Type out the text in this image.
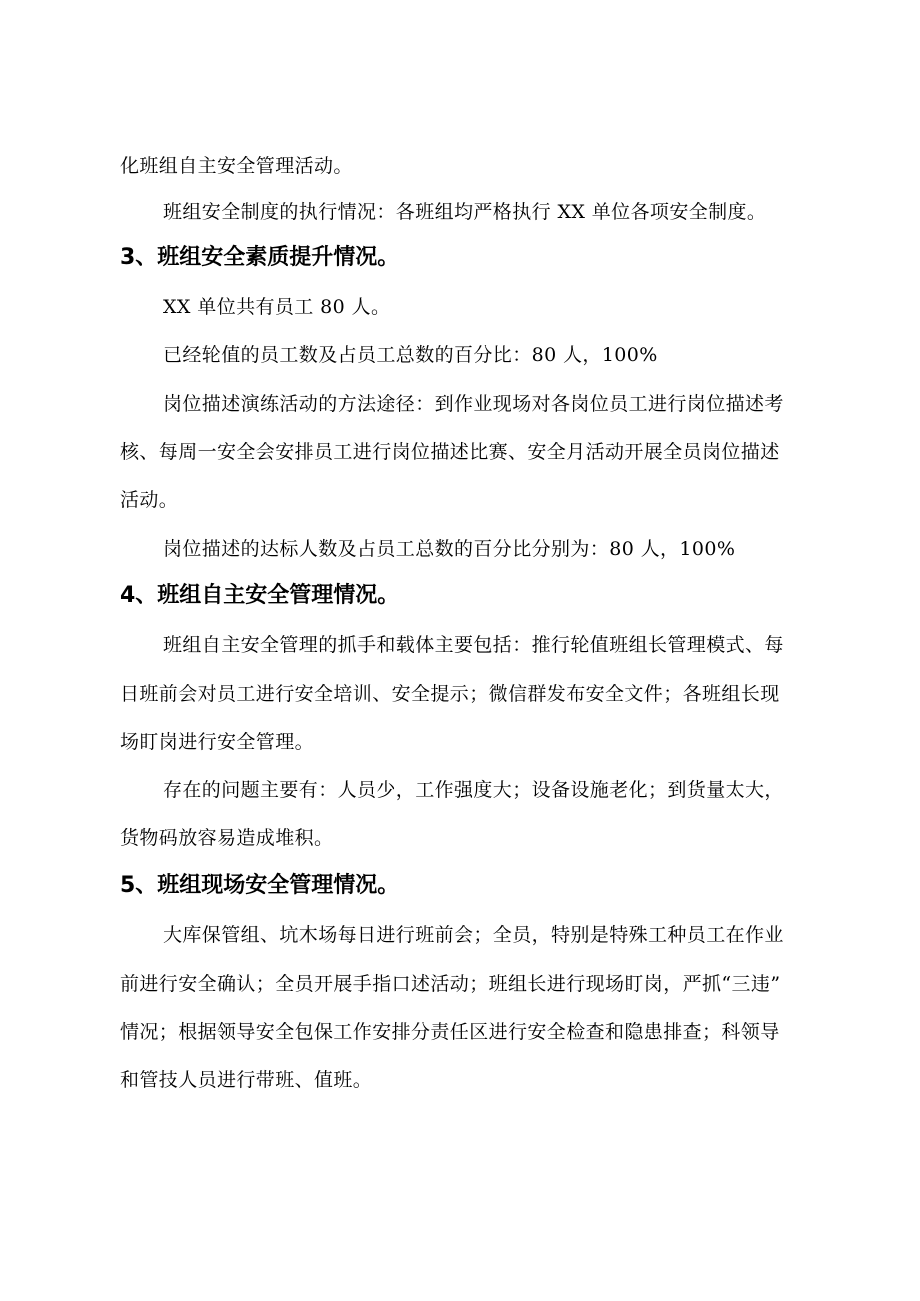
化班组自主安全管理活动。
班组安全制度的执行情况：各班组均严格执行 XX 单位各项安全制度。
3、班组安全素质提升情况。
XX 单位共有员工 80 人。
已经轮值的员工数及占员工总数的百分比：80 人，100%
岗位描述演练活动的方法途径：到作业现场对各岗位员工进行岗位描述考
核、每周一安全会安排员工进行岗位描述比赛、安全月活动开展全员岗位描述
活动。
岗位描述的达标人数及占员工总数的百分比分别为：80 人，100%
4、班组自主安全管理情况。
班组自主安全管理的抓手和载体主要包括：推行轮值班组长管理模式、每
日班前会对员工进行安全培训、安全提示；微信群发布安全文件；各班组长现
场盯岗进行安全管理。
存在的问题主要有：人员少，工作强度大；设备设施老化；到货量太大，
货物码放容易造成堆积。
5、班组现场安全管理情况。
大库保管组、坑木场每日进行班前会；全员，特别是特殊工种员工在作业
前进行安全确认；全员开展手指口述活动；班组长进行现场盯岗，严抓“三违”
情况；根据领导安全包保工作安排分责任区进行安全检查和隐患排查；科领导
和管技人员进行带班、值班。
